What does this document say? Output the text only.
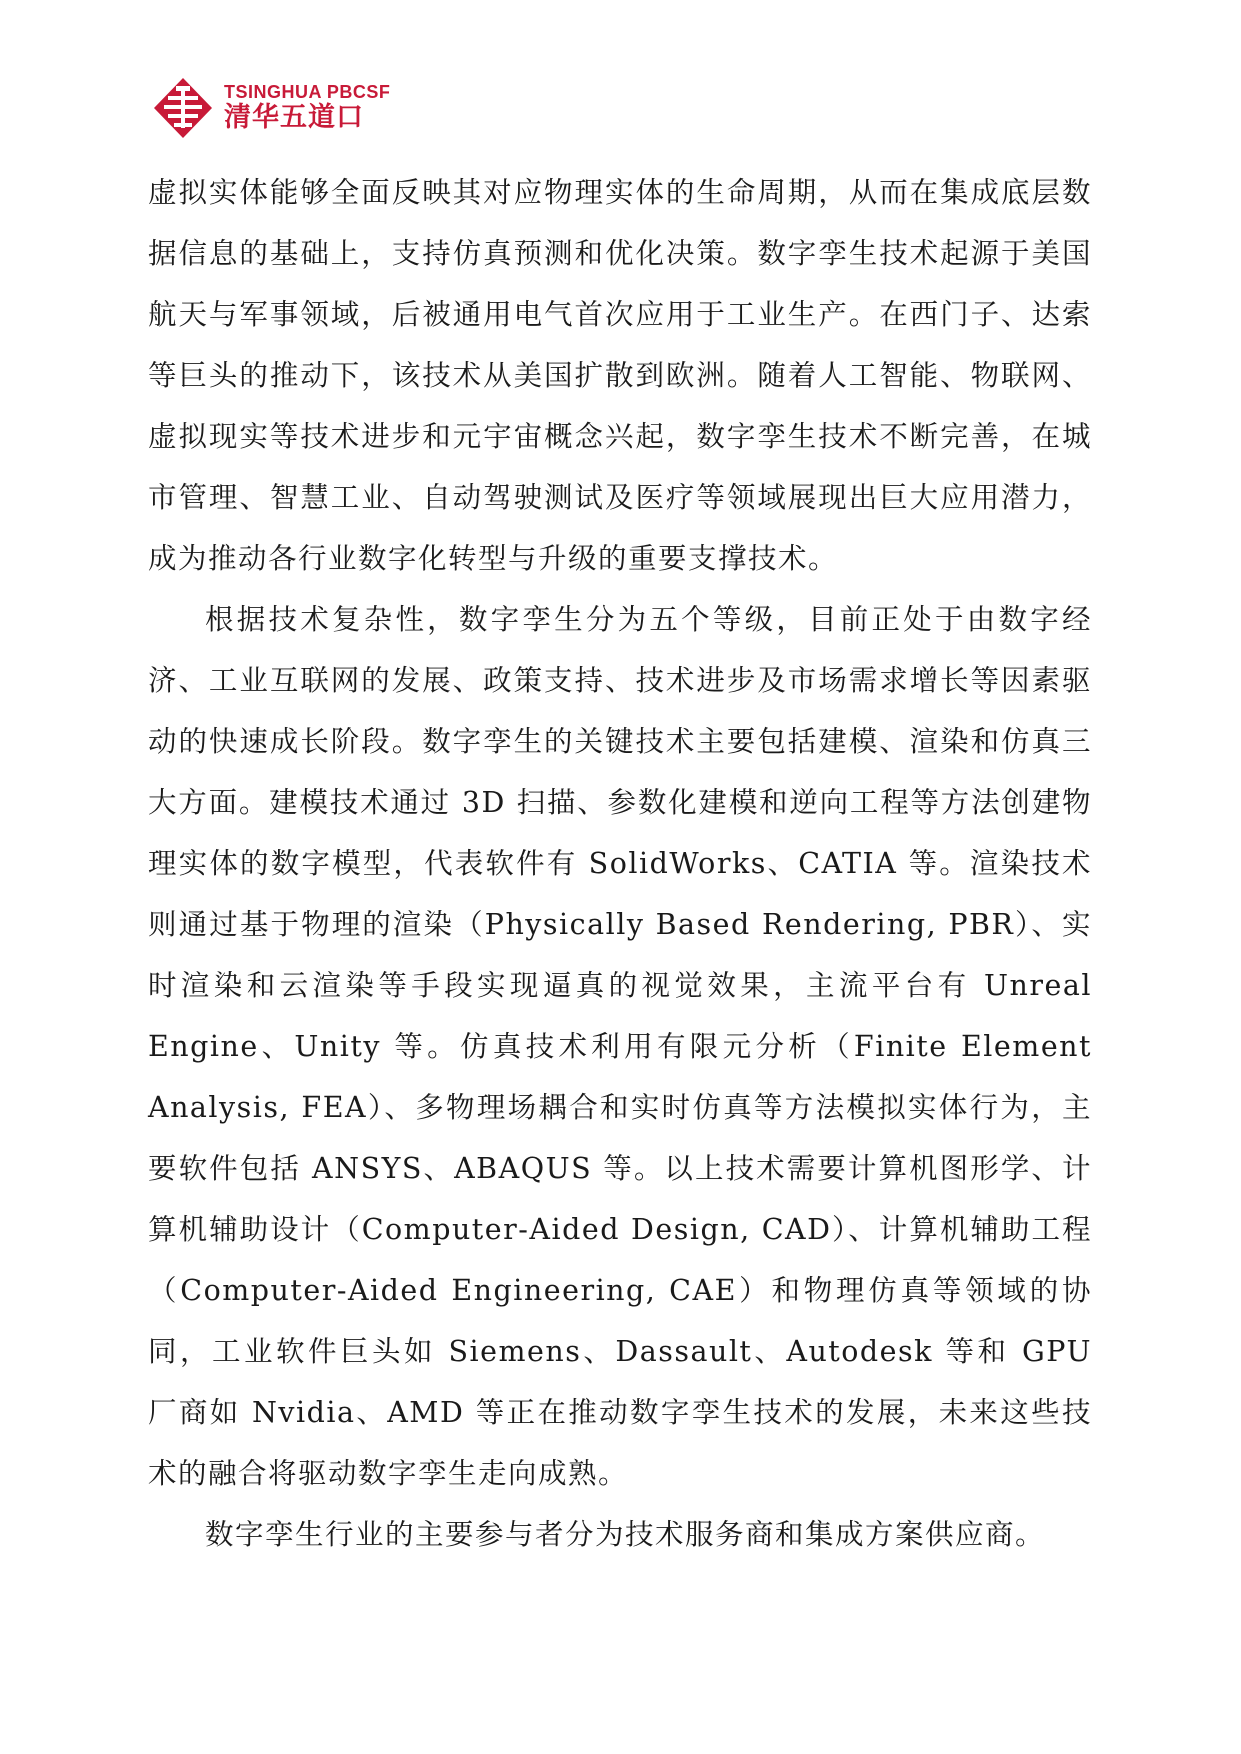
TSINGHUA PBCSF
清华五道口

虚拟实体能够全面反映其对应物理实体的生命周期，从而在集成底层数据信息的基础上，支持仿真预测和优化决策。数字孪生技术起源于美国航天与军事领域，后被通用电气首次应用于工业生产。在西门子、达索等巨头的推动下，该技术从美国扩散到欧洲。随着人工智能、物联网、虚拟现实等技术进步和元宇宙概念兴起，数字孪生技术不断完善，在城市管理、智慧工业、自动驾驶测试及医疗等领域展现出巨大应用潜力，成为推动各行业数字化转型与升级的重要支撑技术。

根据技术复杂性，数字孪生分为五个等级，目前正处于由数字经济、工业互联网的发展、政策支持、技术进步及市场需求增长等因素驱动的快速成长阶段。数字孪生的关键技术主要包括建模、渲染和仿真三大方面。建模技术通过 3D 扫描、参数化建模和逆向工程等方法创建物理实体的数字模型，代表软件有 SolidWorks、CATIA 等。渲染技术则通过基于物理的渲染（Physically Based Rendering, PBR）、实时渲染和云渲染等手段实现逼真的视觉效果，主流平台有 Unreal Engine、Unity 等。仿真技术利用有限元分析（Finite Element Analysis, FEA）、多物理场耦合和实时仿真等方法模拟实体行为，主要软件包括 ANSYS、ABAQUS 等。以上技术需要计算机图形学、计算机辅助设计（Computer-Aided Design, CAD）、计算机辅助工程（Computer-Aided Engineering, CAE）和物理仿真等领域的协同，工业软件巨头如 Siemens、Dassault、Autodesk 等和 GPU 厂商如 Nvidia、AMD 等正在推动数字孪生技术的发展，未来这些技术的融合将驱动数字孪生走向成熟。

数字孪生行业的主要参与者分为技术服务商和集成方案供应商。
